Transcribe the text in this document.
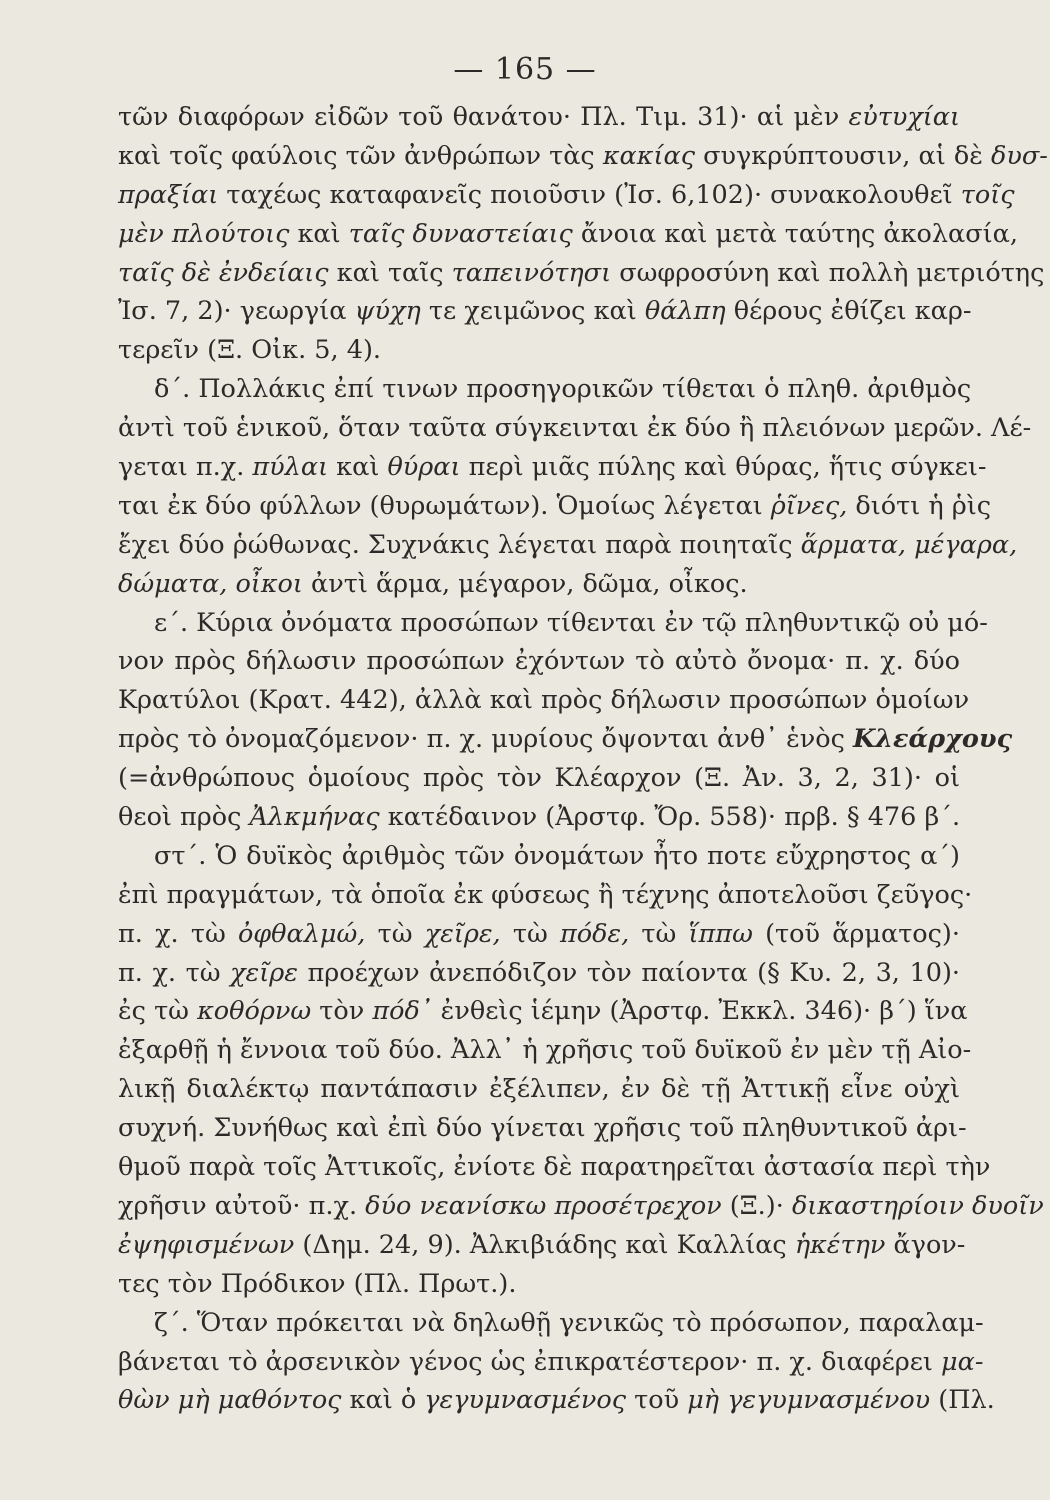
— 165 —
τῶν διαφόρων εἰδῶν τοῦ θανάτου· Πλ. Τιμ. 31)· αἱ μὲν εὐτυχίαι
καὶ τοῖς φαύλοις τῶν ἀνθρώπων τὰς κακίας συγκρύπτουσιν, αἱ δὲ δυσ-
πραξίαι ταχέως καταφανεῖς ποιοῦσιν (Ἰσ. 6,102)· συνακολουθεῖ τοῖς
μὲν πλούτοις καὶ ταῖς δυναστείαις ἄνοια καὶ μετὰ ταύτης ἀκολασία,
ταῖς δὲ ἐνδείαις καὶ ταῖς ταπεινότησι σωφροσύνη καὶ πολλὴ μετριότης
Ἰσ. 7, 2)· γεωργία ψύχη τε χειμῶνος καὶ θάλπη θέρους ἐθίζει καρ-
τερεῖν (Ξ. Οἰκ. 5, 4).
δ΄. Πολλάκις ἐπί τινων προσηγορικῶν τίθεται ὁ πληθ. ἀριθμὸς
ἀντὶ τοῦ ἑνικοῦ, ὅταν ταῦτα σύγκεινται ἐκ δύο ἢ πλειόνων μερῶν. Λέ-
γεται π.χ. πύλαι καὶ θύραι περὶ μιᾶς πύλης καὶ θύρας, ἥτις σύγκει-
ται ἐκ δύο φύλλων (θυρωμάτων). Ὁμοίως λέγεται ῥῖνες, διότι ἡ ῥὶς
ἔχει δύο ῥώθωνας. Συχνάκις λέγεται παρὰ ποιηταῖς ἅρματα, μέγαρα,
δώματα, οἶκοι ἀντὶ ἅρμα, μέγαρον, δῶμα, οἶκος.
ε΄. Κύρια ὀνόματα προσώπων τίθενται ἐν τῷ πληθυντικῷ οὐ μό-
νον πρὸς δήλωσιν προσώπων ἐχόντων τὸ αὐτὸ ὄνομα· π. χ. δύο
Κρατύλοι (Κρατ. 442), ἀλλὰ καὶ πρὸς δήλωσιν προσώπων ὁμοίων
πρὸς τὸ ὀνομαζόμενον· π. χ. μυρίους ὄψονται ἀνθ᾽ ἑνὸς Κλεάρχους
(=ἀνθρώπους ὁμοίους πρὸς τὸν Κλέαρχον (Ξ. Ἀν. 3, 2, 31)· οἱ
θεοὶ πρὸς Ἀλκμήνας κατέδαινον (Ἀρστφ. Ὄρ. 558)· πρβ. § 476 β΄.
στ΄. Ὁ δυϊκὸς ἀριθμὸς τῶν ὀνομάτων ἦτο ποτε εὔχρηστος α΄)
ἐπὶ πραγμάτων, τὰ ὁποῖα ἐκ φύσεως ἢ τέχνης ἀποτελοῦσι ζεῦγος·
π. χ. τὼ ὀφθαλμώ, τὼ χεῖρε, τὼ πόδε, τὼ ἵππω (τοῦ ἅρματος)·
π. χ. τὼ χεῖρε προέχων ἀνεπόδιζον τὸν παίοντα (§ Κυ. 2, 3, 10)·
ἐς τὼ κοθόρνω τὸν πόδ᾽ ἐνθεὶς ἱέμην (Ἀρστφ. Ἐκκλ. 346)· β΄) ἵνα
ἐξαρθῇ ἡ ἔννοια τοῦ δύο. Ἀλλ᾽ ἡ χρῆσις τοῦ δυϊκοῦ ἐν μὲν τῇ Αἰο-
λικῇ διαλέκτῳ παντάπασιν ἐξέλιπεν, ἐν δὲ τῇ Ἀττικῇ εἶνε οὐχὶ
συχνή. Συνήθως καὶ ἐπὶ δύο γίνεται χρῆσις τοῦ πληθυντικοῦ ἀρι-
θμοῦ παρὰ τοῖς Ἀττικοῖς, ἐνίοτε δὲ παρατηρεῖται ἀστασία περὶ τὴν
χρῆσιν αὐτοῦ· π.χ. δύο νεανίσκω προσέτρεχον (Ξ.)· δικαστηρίοιν δυοῖν
ἐψηφισμένων (Δημ. 24, 9). Ἀλκιβιάδης καὶ Καλλίας ἡκέτην ἄγον-
τες τὸν Πρόδικον (Πλ. Πρωτ.).
ζ΄. Ὅταν πρόκειται νὰ δηλωθῇ γενικῶς τὸ πρόσωπον, παραλαμ-
βάνεται τὸ ἀρσενικὸν γένος ὡς ἐπικρατέστερον· π. χ. διαφέρει μα-
θὼν μὴ μαθόντος καὶ ὁ γεγυμνασμένος τοῦ μὴ γεγυμνασμένου (Πλ.
